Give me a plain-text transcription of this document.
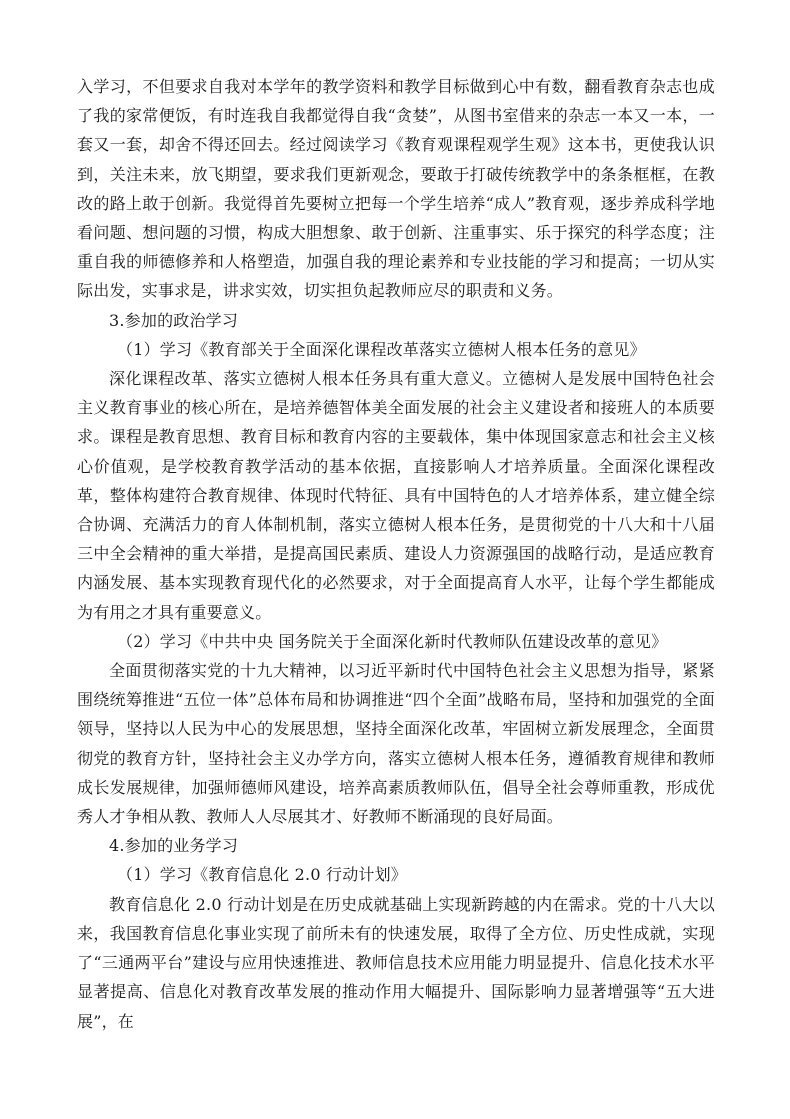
入学习，不但要求自我对本学年的教学资料和教学目标做到心中有数，翻看教育杂志也成了我的家常便饭，有时连我自我都觉得自我“贪婪”，从图书室借来的杂志一本又一本，一套又一套，却舍不得还回去。经过阅读学习《教育观课程观学生观》这本书，更使我认识到，关注未来，放飞期望，要求我们更新观念，要敢于打破传统教学中的条条框框，在教改的路上敢于创新。我觉得首先要树立把每一个学生培养“成人”教育观，逐步养成科学地看问题、想问题的习惯，构成大胆想象、敢于创新、注重事实、乐于探究的科学态度；注重自我的师德修养和人格塑造，加强自我的理论素养和专业技能的学习和提高；一切从实际出发，实事求是，讲求实效，切实担负起教师应尽的职责和义务。

3.参加的政治学习

（1）学习《教育部关于全面深化课程改革落实立德树人根本任务的意见》

深化课程改革、落实立德树人根本任务具有重大意义。立德树人是发展中国特色社会主义教育事业的核心所在，是培养德智体美全面发展的社会主义建设者和接班人的本质要求。课程是教育思想、教育目标和教育内容的主要载体，集中体现国家意志和社会主义核心价值观，是学校教育教学活动的基本依据，直接影响人才培养质量。全面深化课程改革，整体构建符合教育规律、体现时代特征、具有中国特色的人才培养体系，建立健全综合协调、充满活力的育人体制机制，落实立德树人根本任务，是贯彻党的十八大和十八届三中全会精神的重大举措，是提高国民素质、建设人力资源强国的战略行动，是适应教育内涵发展、基本实现教育现代化的必然要求，对于全面提高育人水平，让每个学生都能成为有用之才具有重要意义。

（2）学习《中共中央 国务院关于全面深化新时代教师队伍建设改革的意见》

全面贯彻落实党的十九大精神，以习近平新时代中国特色社会主义思想为指导，紧紧围绕统筹推进“五位一体”总体布局和协调推进“四个全面”战略布局，坚持和加强党的全面领导，坚持以人民为中心的发展思想，坚持全面深化改革，牢固树立新发展理念，全面贯彻党的教育方针，坚持社会主义办学方向，落实立德树人根本任务，遵循教育规律和教师成长发展规律，加强师德师风建设，培养高素质教师队伍，倡导全社会尊师重教，形成优秀人才争相从教、教师人人尽展其才、好教师不断涌现的良好局面。

4.参加的业务学习

（1）学习《教育信息化 2.0 行动计划》

教育信息化 2.0 行动计划是在历史成就基础上实现新跨越的内在需求。党的十八大以来，我国教育信息化事业实现了前所未有的快速发展，取得了全方位、历史性成就，实现了“三通两平台”建设与应用快速推进、教师信息技术应用能力明显提升、信息化技术水平显著提高、信息化对教育改革发展的推动作用大幅提升、国际影响力显著增强等“五大进展”，在
